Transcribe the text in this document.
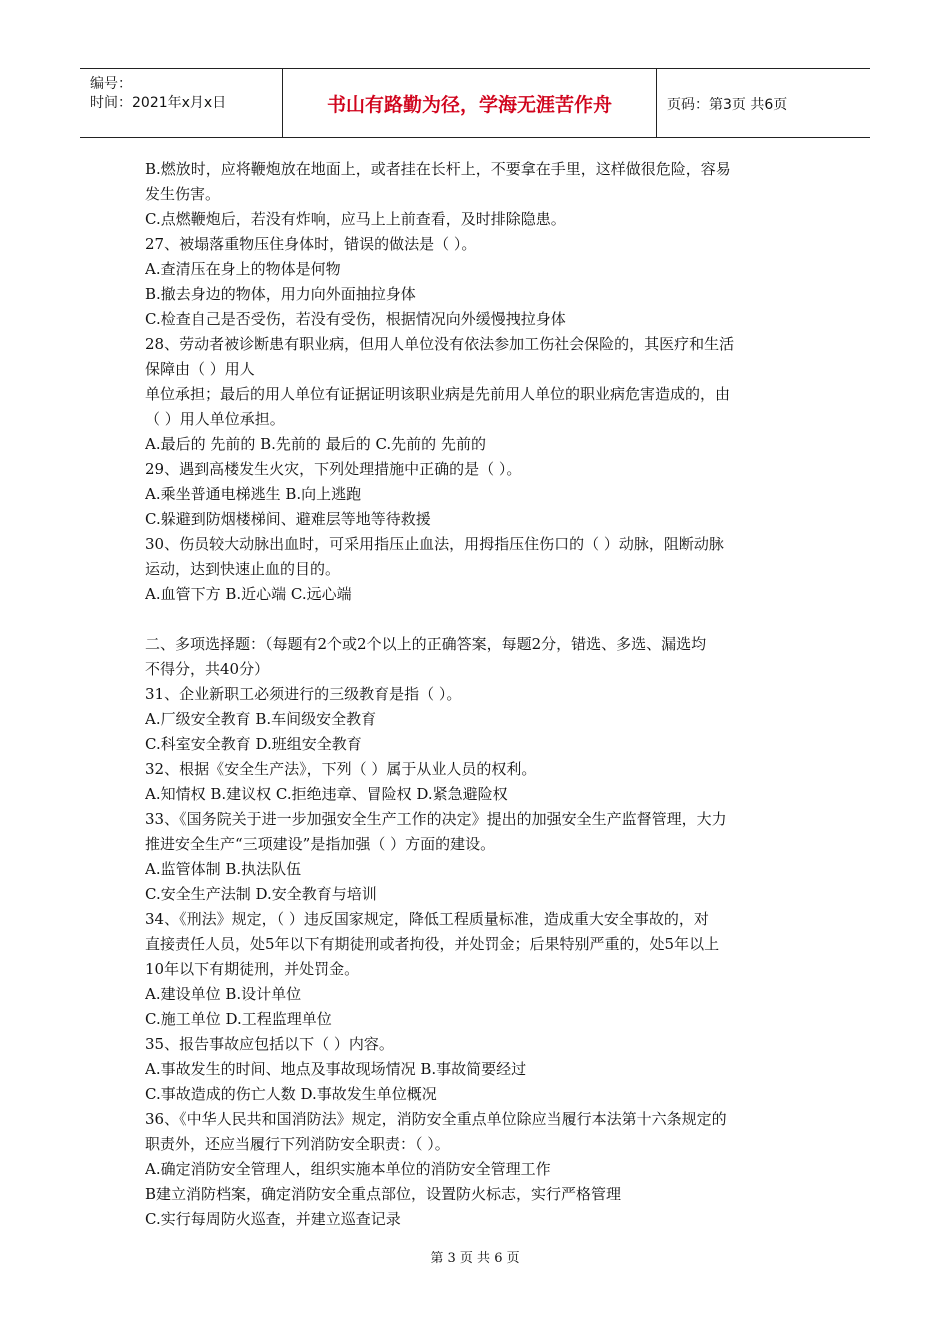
编号：
时间：2021年x月x日	书山有路勤为径，学海无涯苦作舟	页码：第3页 共6页
B.燃放时，应将鞭炮放在地面上，或者挂在长杆上，不要拿在手里，这样做很危险，容易
发生伤害。
C.点燃鞭炮后，若没有炸响，应马上上前查看，及时排除隐患。
27、被塌落重物压住身体时，错误的做法是（ ）。
A.查清压在身上的物体是何物
B.撤去身边的物体，用力向外面抽拉身体
C.检查自己是否受伤，若没有受伤，根据情况向外缓慢拽拉身体
28、劳动者被诊断患有职业病，但用人单位没有依法参加工伤社会保险的，其医疗和生活
保障由（ ）用人
单位承担；最后的用人单位有证据证明该职业病是先前用人单位的职业病危害造成的，由
（ ）用人单位承担。
A.最后的 先前的 B.先前的 最后的 C.先前的 先前的
29、遇到高楼发生火灾，下列处理措施中正确的是（ ）。
A.乘坐普通电梯逃生 B.向上逃跑
C.躲避到防烟楼梯间、避难层等地等待救援
30、伤员较大动脉出血时，可采用指压止血法，用拇指压住伤口的（ ）动脉，阻断动脉
运动，达到快速止血的目的。
A.血管下方 B.近心端 C.远心端
二、多项选择题：（每题有2个或2个以上的正确答案，每题2分，错选、多选、漏选均
不得分，共40分）
31、企业新职工必须进行的三级教育是指（ ）。
A.厂级安全教育 B.车间级安全教育
C.科室安全教育 D.班组安全教育
32、根据《安全生产法》，下列（ ）属于从业人员的权利。
A.知情权 B.建议权 C.拒绝违章、冒险权 D.紧急避险权
33、《国务院关于进一步加强安全生产工作的决定》提出的加强安全生产监督管理，大力
推进安全生产“三项建设”是指加强（ ）方面的建设。
A.监管体制 B.执法队伍
C.安全生产法制 D.安全教育与培训
34、《刑法》规定，（ ）违反国家规定，降低工程质量标准，造成重大安全事故的，对
直接责任人员，处5年以下有期徒刑或者拘役，并处罚金；后果特别严重的，处5年以上
10年以下有期徒刑，并处罚金。
A.建设单位 B.设计单位
C.施工单位 D.工程监理单位
35、报告事故应包括以下（ ）内容。
A.事故发生的时间、地点及事故现场情况 B.事故简要经过
C.事故造成的伤亡人数 D.事故发生单位概况
36、《中华人民共和国消防法》规定，消防安全重点单位除应当履行本法第十六条规定的
职责外，还应当履行下列消防安全职责：（ ）。
A.确定消防安全管理人，组织实施本单位的消防安全管理工作
B建立消防档案，确定消防安全重点部位，设置防火标志，实行严格管理
C.实行每周防火巡查，并建立巡查记录
第 3 页 共 6 页
